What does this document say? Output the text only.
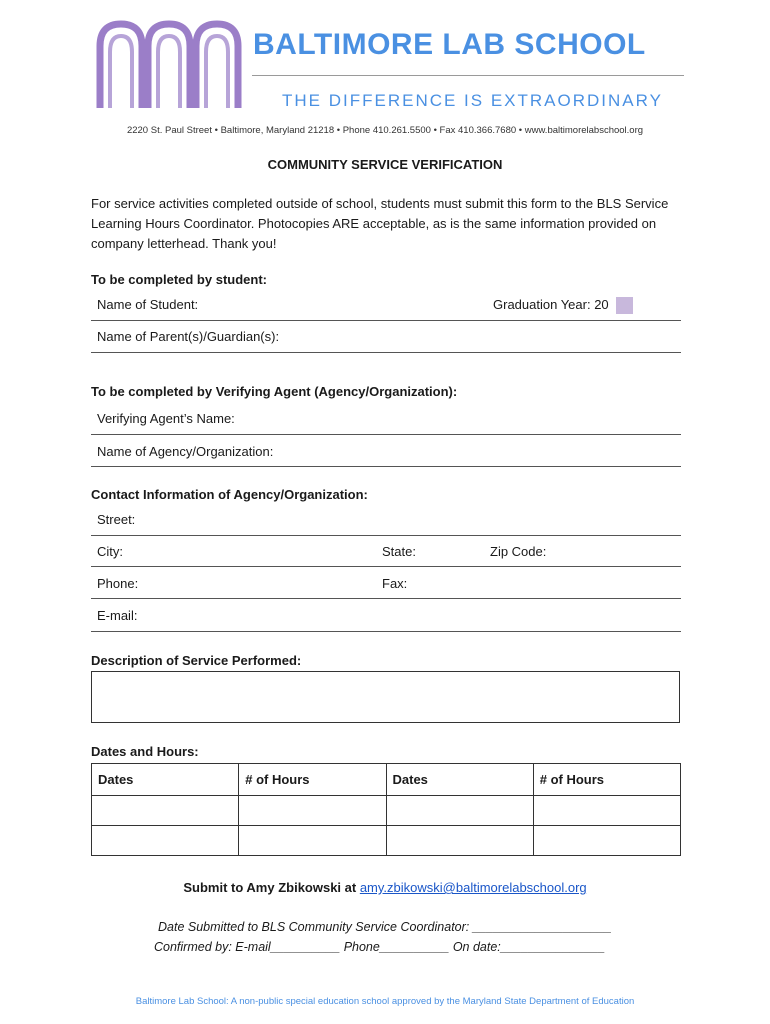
BALTIMORE LAB SCHOOL
THE DIFFERENCE IS EXTRAORDINARY
2220 St. Paul Street • Baltimore, Maryland 21218 • Phone 410.261.5500 • Fax 410.366.7680 • www.baltimorelabschool.org
COMMUNITY SERVICE VERIFICATION
For service activities completed outside of school, students must submit this form to the BLS Service Learning Hours Coordinator. Photocopies ARE acceptable, as is the same information provided on company letterhead. Thank you!
To be completed by student:
Name of Student:	Graduation Year: 20
Name of Parent(s)/Guardian(s):
To be completed by Verifying Agent (Agency/Organization):
Verifying Agent’s Name:
Name of Agency/Organization:
Contact Information of Agency/Organization:
Street:
City:	State:	Zip Code:
Phone:	Fax:
E-mail:
Description of Service Performed:
Dates and Hours:
Dates	# of Hours	Dates	# of Hours

Submit to Amy Zbikowski at amy.zbikowski@baltimorelabschool.org
Date Submitted to BLS Community Service Coordinator: ____________________
Confirmed by: E-mail__________ Phone__________ On date:_______________
Baltimore Lab School: A non-public special education school approved by the Maryland State Department of Education
